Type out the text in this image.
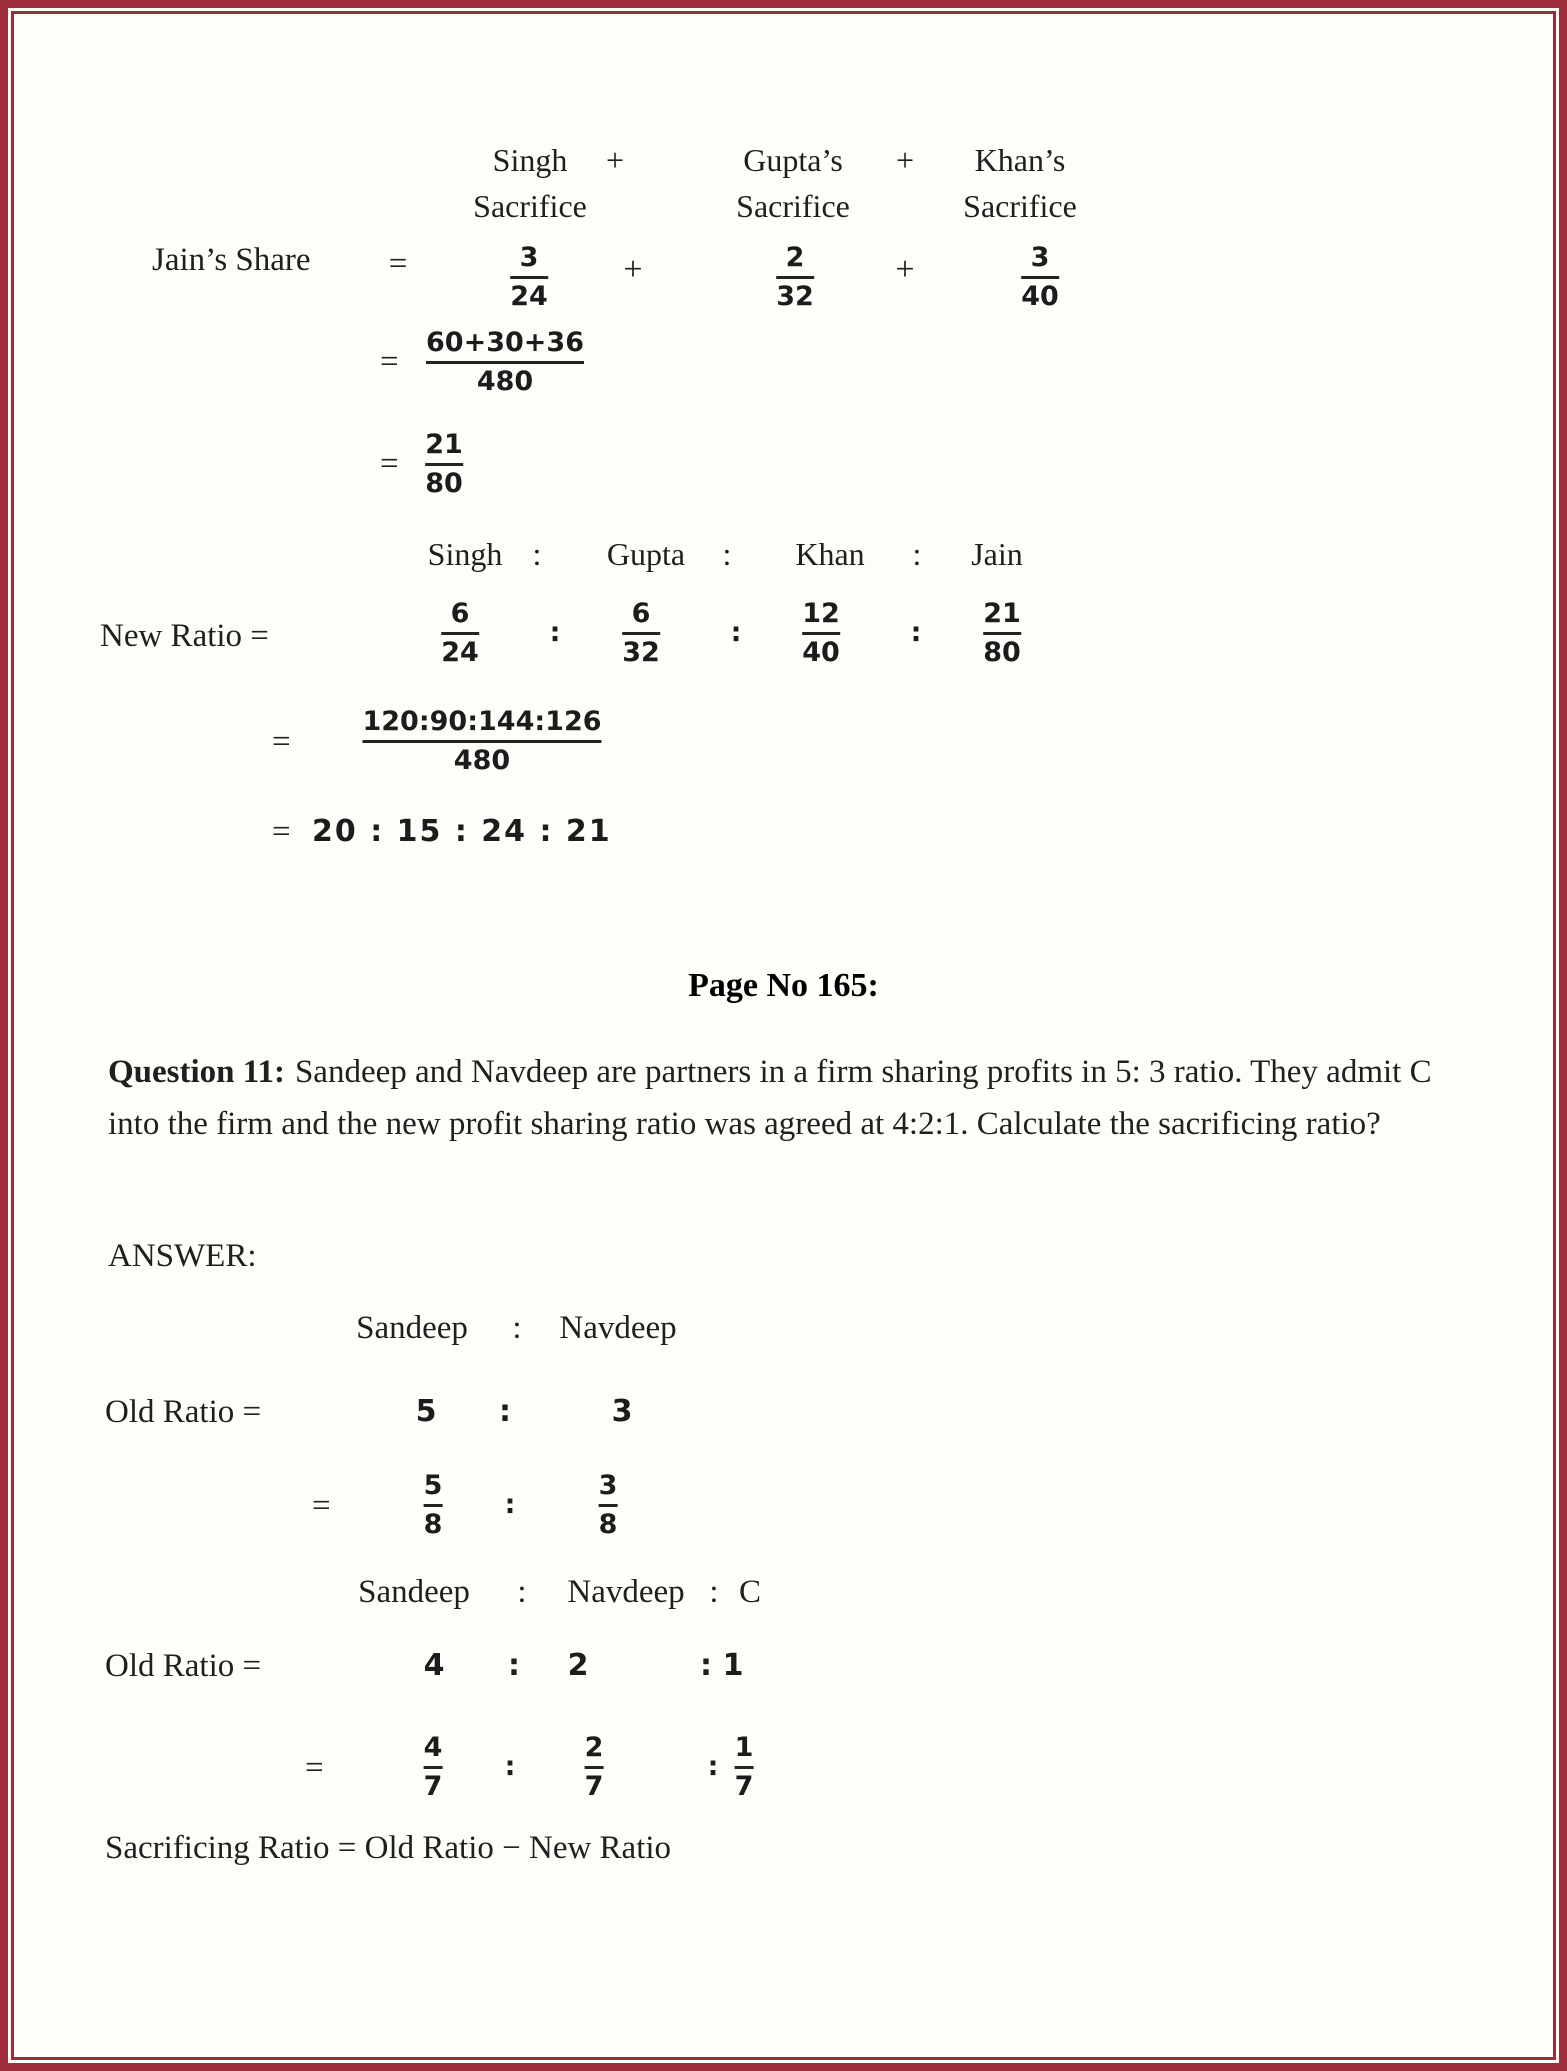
Singh +	Gupta’s + Khan’s
Sacrifice	Sacrifice	Sacrifice
Jain’s Share =	3
24
+	2
32
+	3
40
=
60+30+36
480
=
21
80
Singh : Gupta : Khan : Jain
New Ratio =
6
24
:
6
32
:
12
40
:
21
80
=
120:90:144:126
480
= 20 : 15 : 24 : 21
Page No 165:
Question 11: Sandeep and Navdeep are partners in a firm sharing profits in 5: 3 ratio. They admit C into the firm and the new profit sharing ratio was agreed at 4:2:1. Calculate the sacrificing ratio?
ANSWER:
Sandeep : Navdeep
Old Ratio =	5 :	3
=
5
8
:
3
8
Sandeep : Navdeep : C
Old Ratio =	4 : 2	: 1
=
4
7
:
2
7
:
1
7
Sacrificing Ratio = Old Ratio − New Ratio
